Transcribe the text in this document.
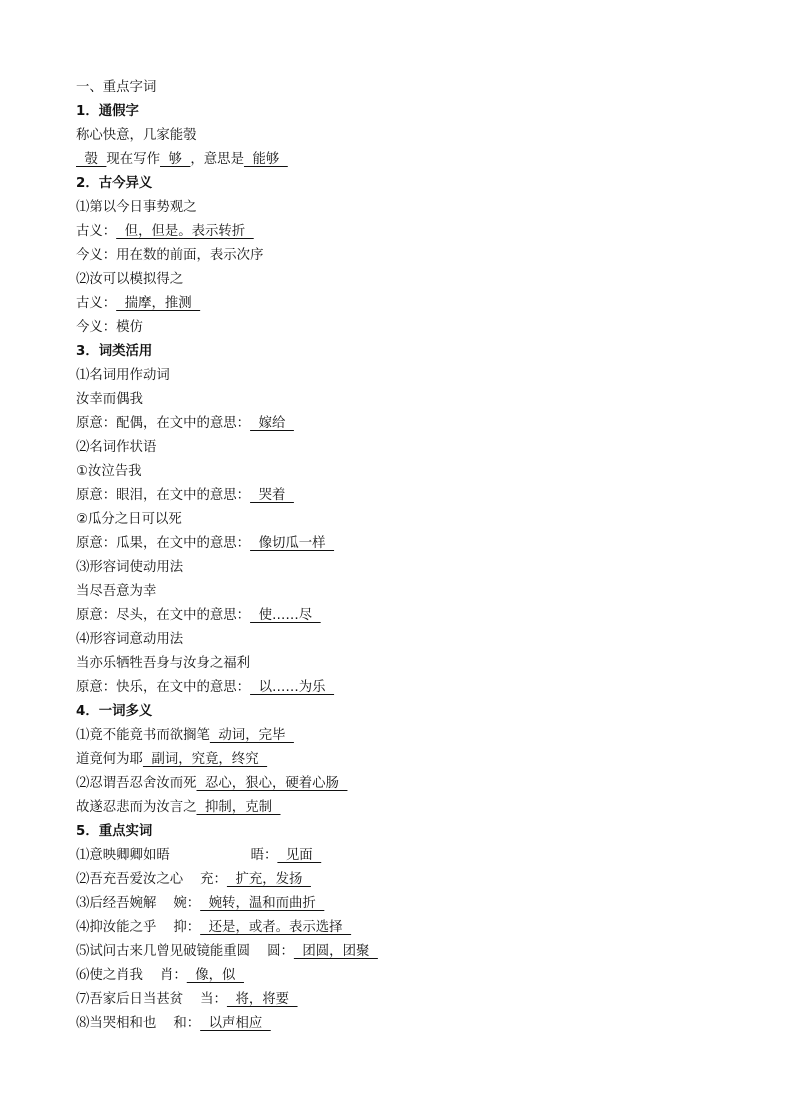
一、重点字词
1．通假字
称心快意，几家能彀
彀  现在写作  够  ，意思是  能够
2．古今异义
⑴第以今日事势观之
古义：  但，但是。表示转折
今义：用在数的前面，表示次序
⑵汝可以模拟得之
古义：  揣摩，推测
今义：模仿
3．词类活用
⑴名词用作动词
汝幸而偶我
原意：配偶，在文中的意思：  嫁给
⑵名词作状语
①汝泣告我
原意：眼泪，在文中的意思：  哭着
②瓜分之日可以死
原意：瓜果，在文中的意思：  像切瓜一样
⑶形容词使动用法
当尽吾意为幸
原意：尽头，在文中的意思：  使……尽
⑷形容词意动用法
当亦乐牺牲吾身与汝身之福利
原意：快乐，在文中的意思：  以……为乐
4．一词多义
⑴竟不能竟书而欲搁笔  动词，完毕
道竟何为耶  副词，究竟，终究
⑵忍谓吾忍舍汝而死  忍心，狠心，硬着心肠
故遂忍悲而为汝言之  抑制，克制
5．重点实词
⑴意映卿卿如晤                   晤：  见面
⑵吾充吾爱汝之心    充：  扩充，发扬
⑶后经吾婉解    婉：  婉转，温和而曲折
⑷抑汝能之乎    抑：  还是，或者。表示选择
⑸试问古来几曾见破镜能重圆    圆：  团圆，团聚
⑹使之肖我    肖：  像，似
⑺吾家后日当甚贫    当：  将，将要
⑻当哭相和也    和：  以声相应
